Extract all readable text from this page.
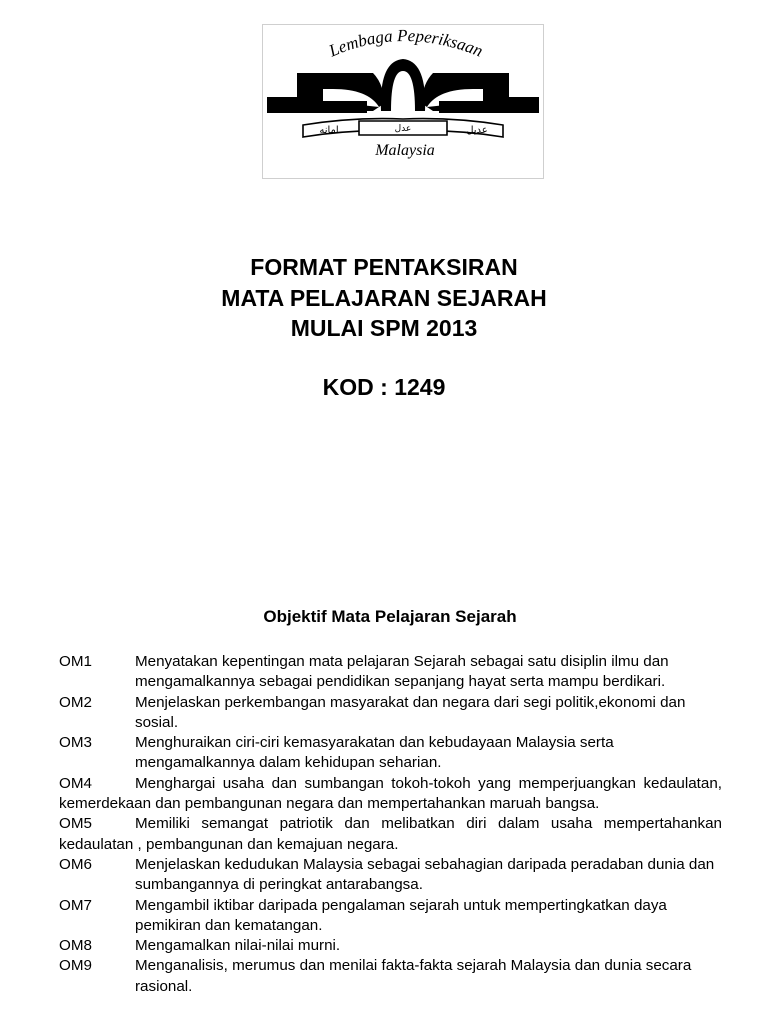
Lembaga Peperiksaan
امانه	عدل	عدیل
Malaysia
FORMAT PENTAKSIRAN
MATA PELAJARAN SEJARAH
MULAI SPM 2013
KOD : 1249
Objektif Mata Pelajaran Sejarah

OM1	Menyatakan kepentingan mata pelajaran Sejarah sebagai satu disiplin ilmu dan mengamalkannya sebagai pendidikan sepanjang hayat serta mampu berdikari.

OM2	Menjelaskan perkembangan masyarakat dan negara dari segi politik,ekonomi dan sosial.

OM3	Menghuraikan ciri-ciri kemasyarakatan dan kebudayaan Malaysia serta mengamalkannya dalam kehidupan seharian.

OM4	Menghargai usaha dan sumbangan tokoh-tokoh yang memperjuangkan kedaulatan, kemerdekaan dan pembangunan negara dan mempertahankan maruah bangsa.

OM5	Memiliki semangat patriotik dan melibatkan diri dalam usaha mempertahankan kedaulatan , pembangunan dan kemajuan negara.

OM6	Menjelaskan kedudukan Malaysia sebagai sebahagian daripada peradaban dunia dan sumbangannya di peringkat antarabangsa.

OM7	Mengambil iktibar daripada pengalaman sejarah untuk mempertingkatkan daya pemikiran dan kematangan.

OM8	Mengamalkan nilai-nilai murni.

OM9	Menganalisis, merumus dan menilai fakta-fakta sejarah Malaysia dan dunia secara rasional.
